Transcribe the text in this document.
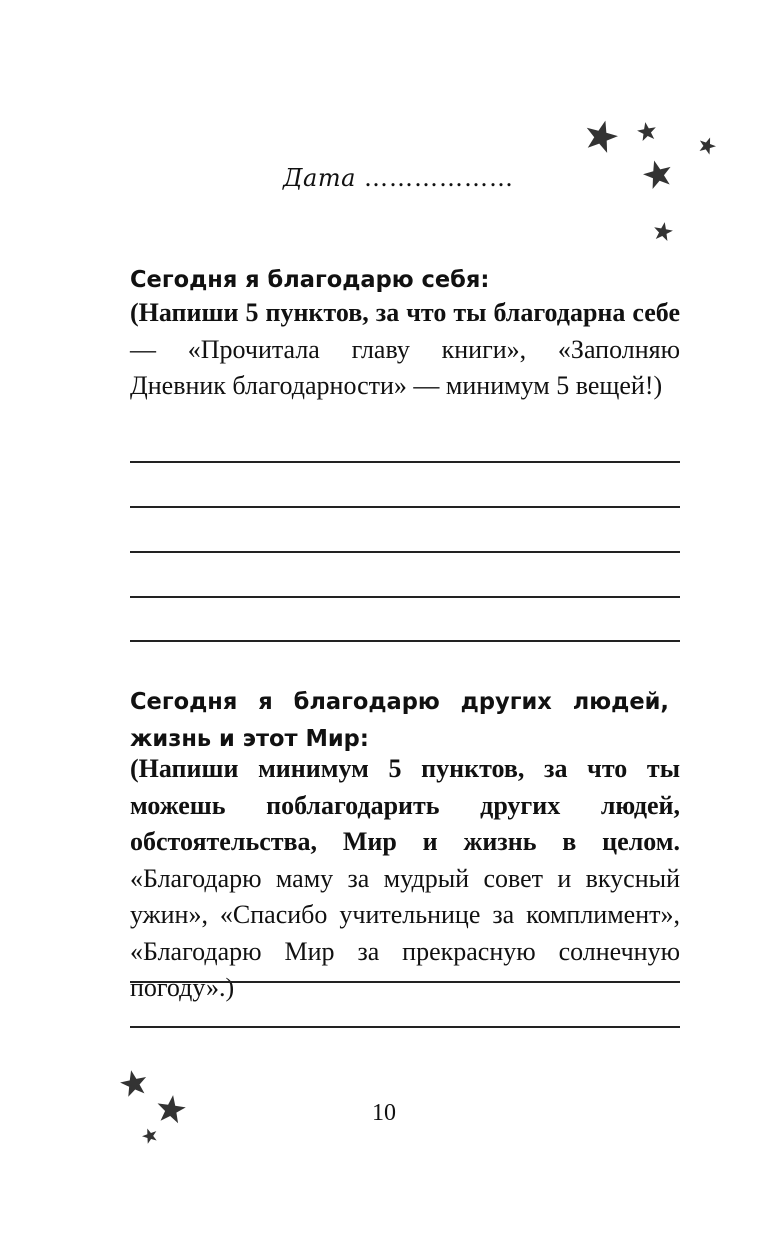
Дата ………………
Сегодня я благодарю себя:
(Напиши 5 пунктов, за что ты благодарна себе — «Прочитала главу книги», «Заполняю Дневник благодарности» — минимум 5 вещей!)
Сегодня я благодарю других людей, жизнь и этот Мир:
(Напиши минимум 5 пунктов, за что ты можешь поблагодарить других людей, обстоятельства, Мир и жизнь в целом. «Благодарю маму за мудрый совет и вкусный ужин», «Спасибо учительнице за комплимент», «Благодарю Мир за прекрасную солнечную погоду».)
10
